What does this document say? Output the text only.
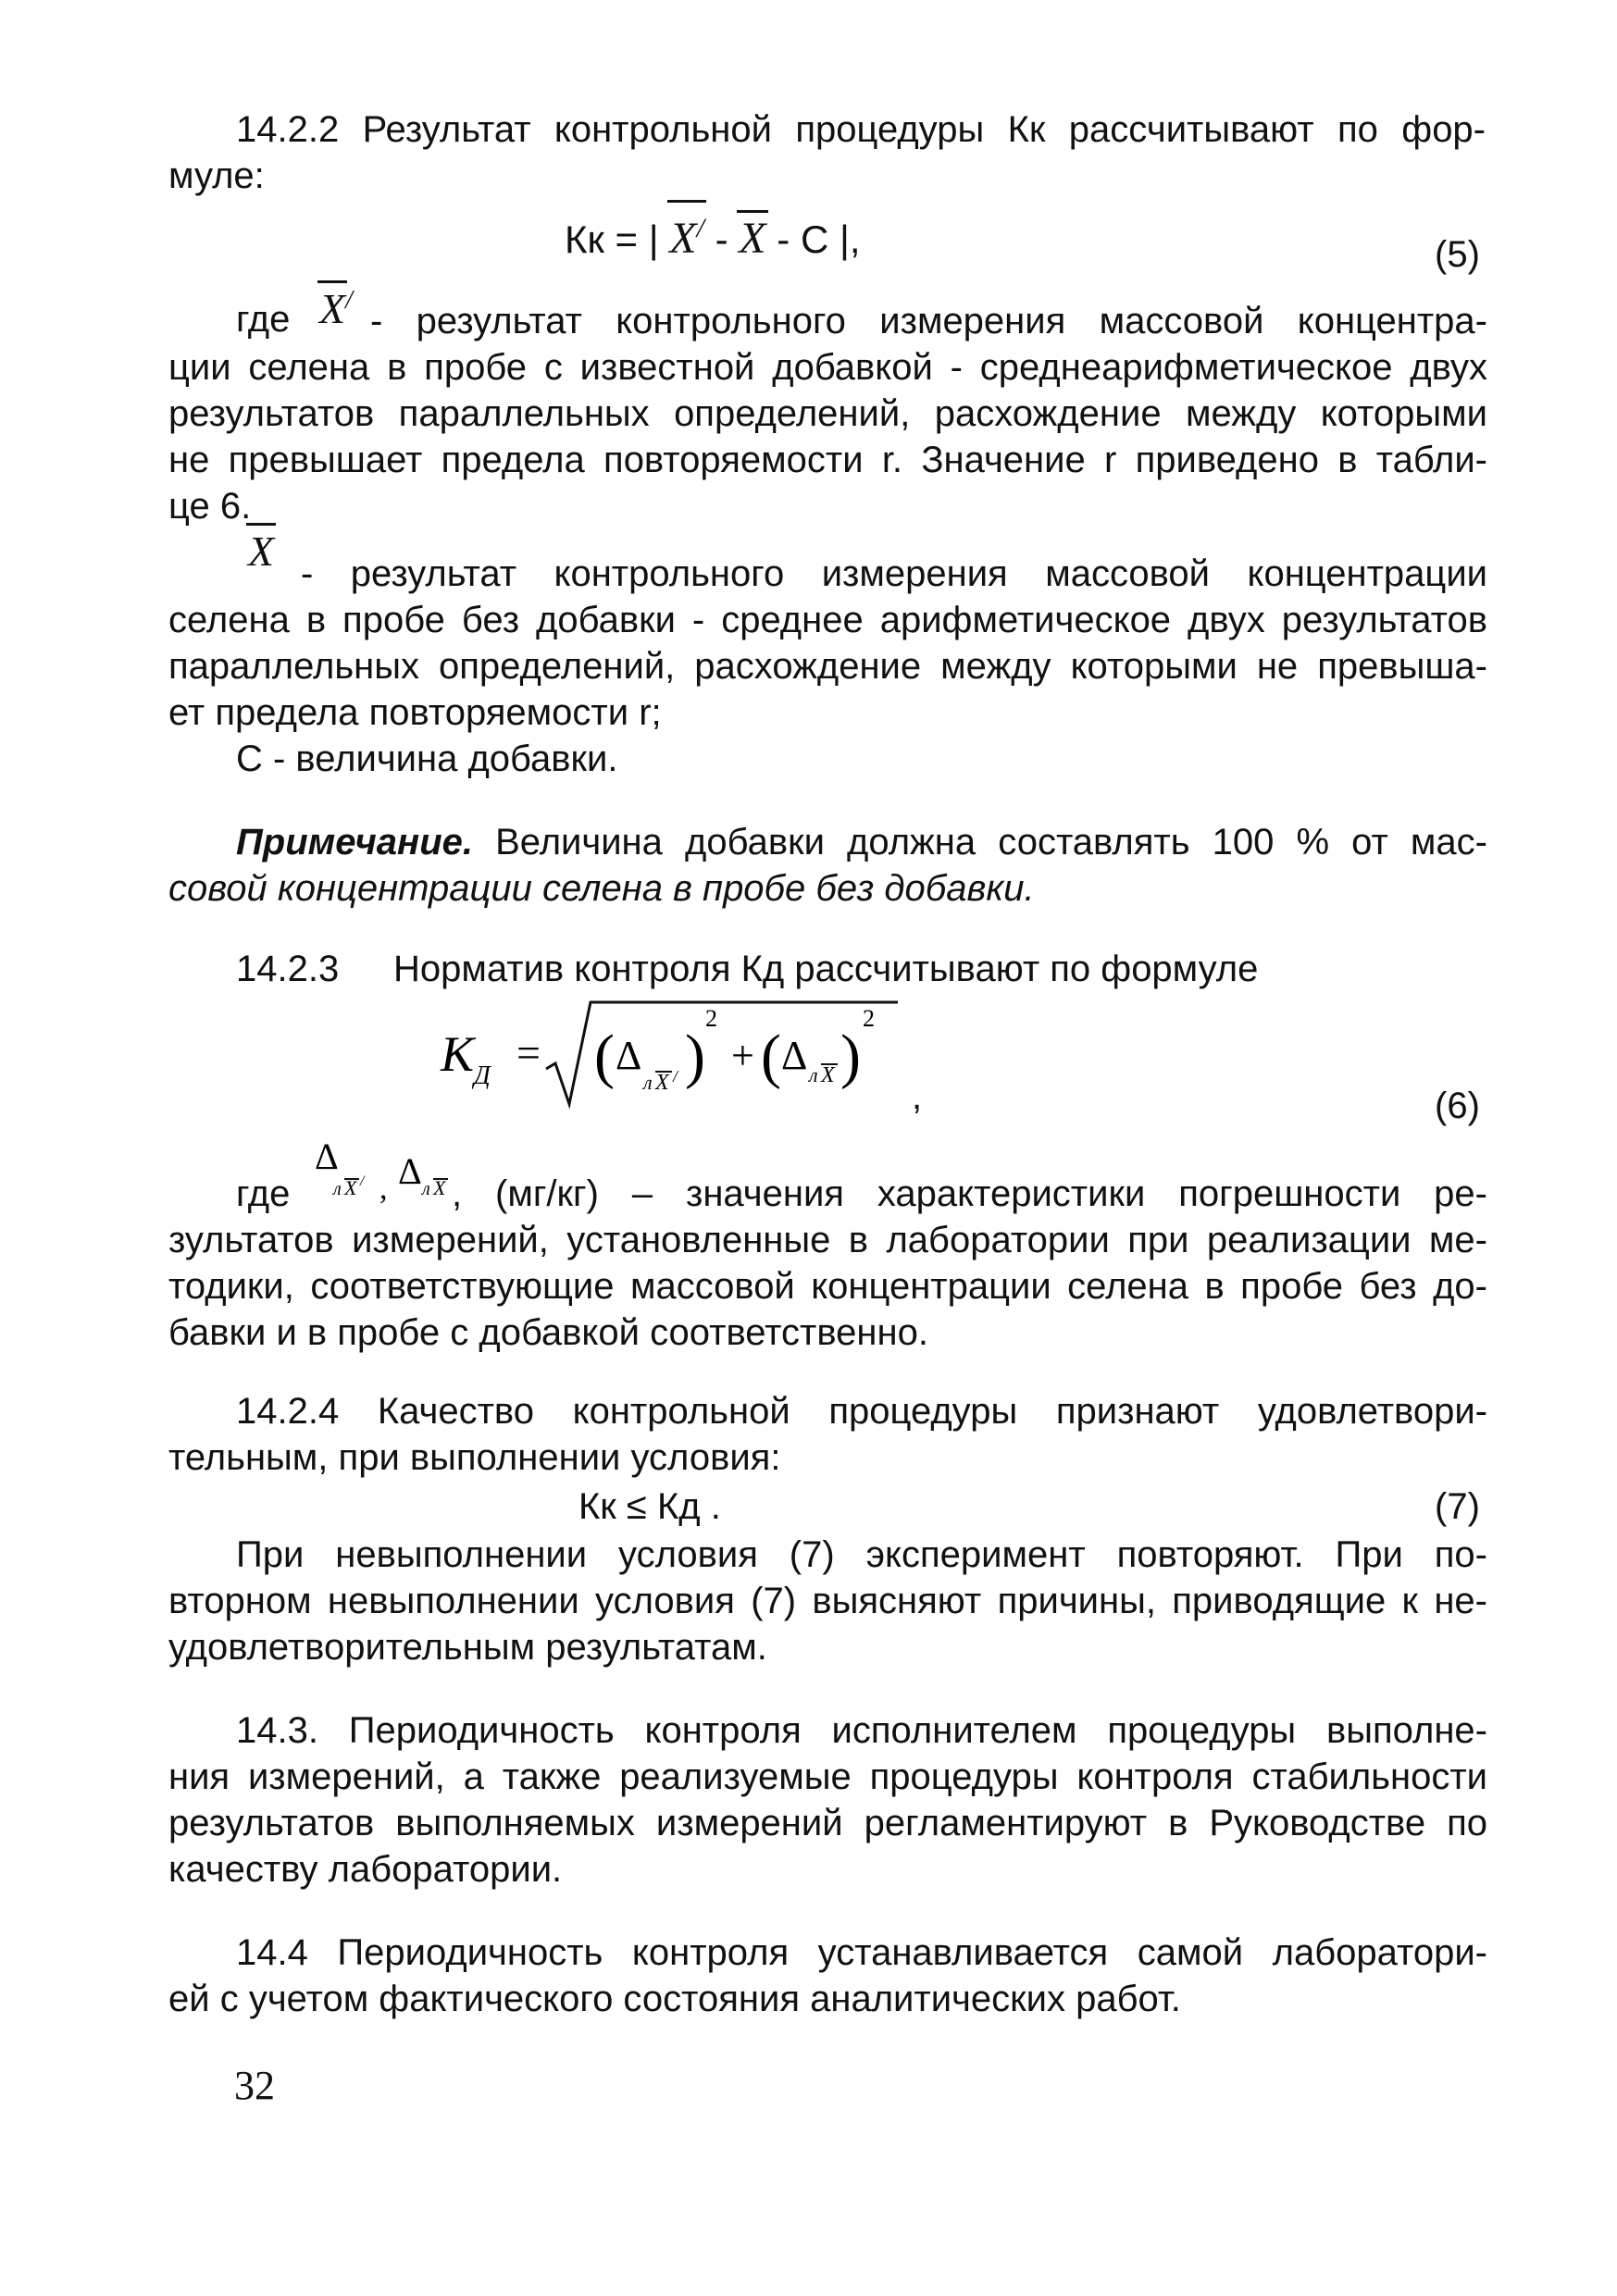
14.2.2 Результат контрольной процедуры Кк рассчитывают по фор-
муле:
Кк = | X/ - X - С |,	(5)
где X/
- результат контрольного измерения массовой концентра-
ции селена в пробе с известной добавкой - среднеарифметическое двух
результатов параллельных определений, расхождение между которыми
не превышает предела повторяемости r. Значение r приведено в табли-
це 6.
X - результат контрольного измерения массовой концентрации
селена в пробе без добавки - среднее арифметическое двух результатов
параллельных определений, расхождение между которыми не превыша-
ет предела повторяемости r;
С - величина добавки.
Примечание. Величина добавки должна составлять 100 % от мас-
совой концентрации селена в пробе без добавки.
14.2.3 Норматив контроля Кд рассчитывают по формуле
K Д = ( Δ
л X / )
2
+ ( Δ л X )
2
,	(6)
где
Δ
л X / , Δ л X , (мг/кг) – значения характеристики погрешности ре-
зультатов измерений, установленные в лаборатории при реализации ме-
тодики, соответствующие массовой концентрации селена в пробе без до-
бавки и в пробе с добавкой соответственно.
14.2.4 Качество контрольной процедуры признают удовлетвори-
тельным, при выполнении условия:
Кк ≤ Кд .	(7)
При невыполнении условия (7) эксперимент повторяют. При по-
вторном невыполнении условия (7) выясняют причины, приводящие к не-
удовлетворительным результатам.
14.3. Периодичность контроля исполнителем процедуры выполне-
ния измерений, а также реализуемые процедуры контроля стабильности
результатов выполняемых измерений регламентируют в Руководстве по
качеству лаборатории.
14.4 Периодичность контроля устанавливается самой лаборатори-
ей с учетом фактического состояния аналитических работ.
32
